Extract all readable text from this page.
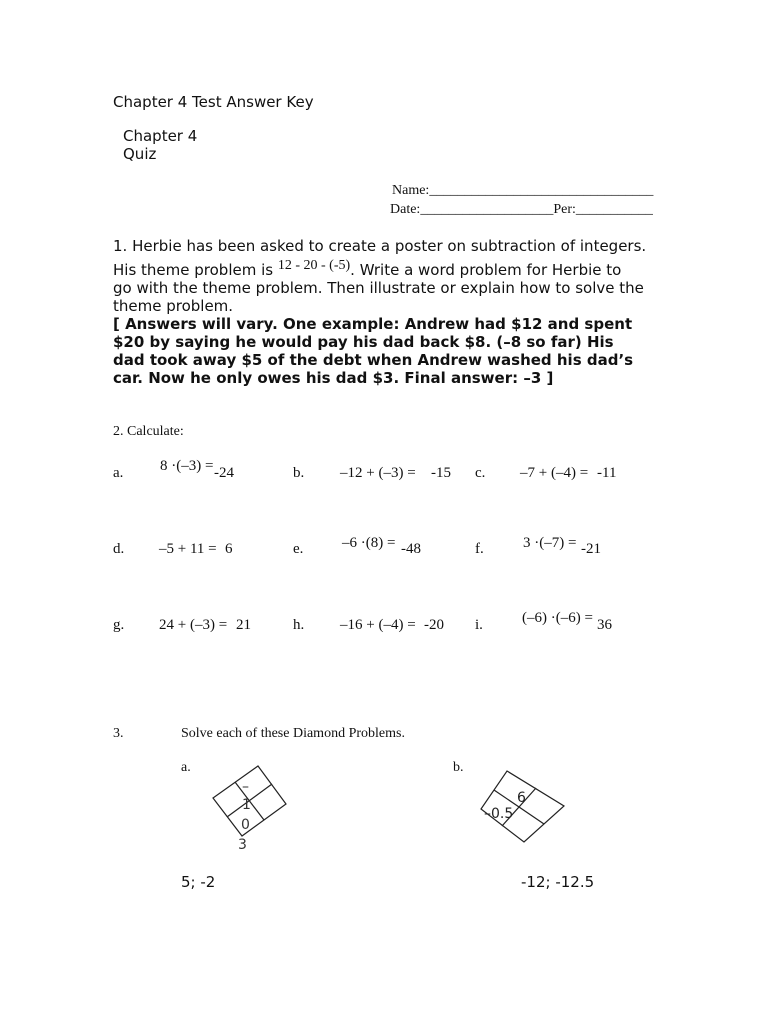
Chapter 4 Test Answer Key
Chapter 4
Quiz
Name:________________________________
Date:___________________Per:___________
1. Herbie has been asked to create a poster on subtraction of integers.
His theme problem is 12 - 20 - (-5). Write a word problem for Herbie to
go with the theme problem. Then illustrate or explain how to solve the
theme problem.
[ Answers will vary. One example: Andrew had $12 and spent
$20 by saying he would pay his dad back $8. (–8 so far) His
dad took away $5 of the debt when Andrew washed his dad’s
car. Now he only owes his dad $3. Final answer: –3 ]
2. Calculate:
a. 8 ·(–3) = -24	b. –12 + (–3) = -15 c. –7 + (–4) = -11
d. –5 + 11 = 6	e.	–6 ·(8) = -48	f.	3 ·(–7) = -21
g. 24 + (–3) = 21	h. –16 + (–4) = -20 i.	(–6) ·(–6) = 36
3.	Solve each of these Diamond Problems.
a.	b.
–
1
0
3
6
–0.5
5; -2	-12; -12.5
